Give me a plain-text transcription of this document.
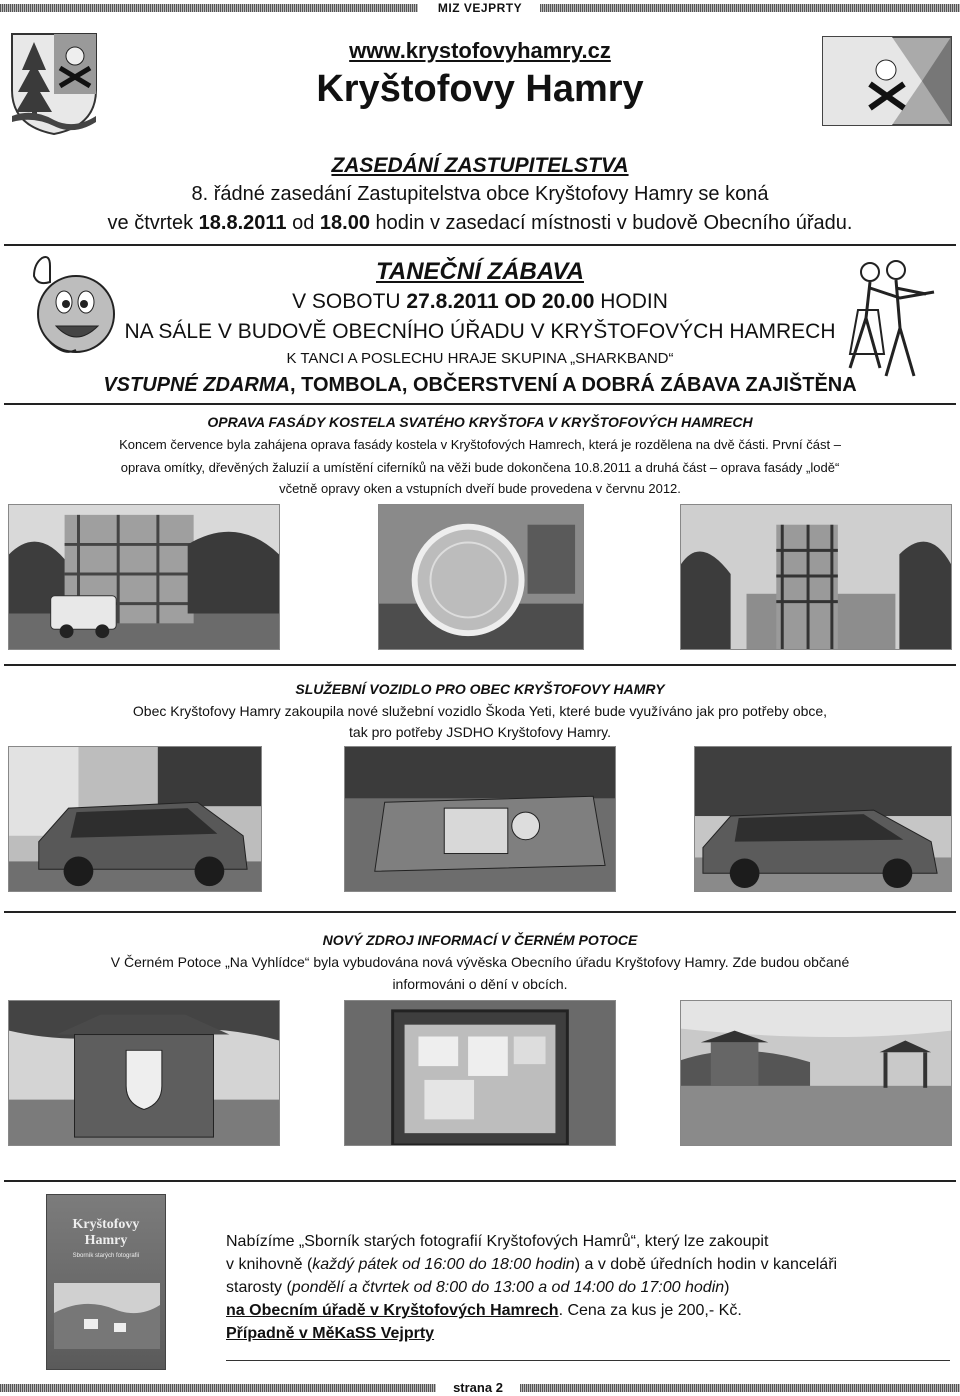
MIZ VEJPRTY
www.krystofovyhamry.cz
Kryštofovy Hamry
ZASEDÁNÍ ZASTUPITELSTVA
8. řádné zasedání Zastupitelstva obce Kryštofovy Hamry se koná
ve čtvrtek 18.8.2011 od 18.00 hodin v zasedací místnosti v budově Obecního úřadu.
TANEČNÍ ZÁBAVA
V SOBOTU 27.8.2011 OD 20.00 HODIN
NA SÁLE V BUDOVĚ OBECNÍHO ÚŘADU V KRYŠTOFOVÝCH HAMRECH
K TANCI A POSLECHU HRAJE SKUPINA „SHARKBAND“
VSTUPNÉ ZDARMA, TOMBOLA, OBČERSTVENÍ A DOBRÁ ZÁBAVA ZAJIŠTĚNA
OPRAVA FASÁDY KOSTELA SVATÉHO KRYŠTOFA V KRYŠTOFOVÝCH HAMRECH
Koncem července byla zahájena oprava fasády kostela v Kryštofových Hamrech, která je rozdělena na dvě části. První část –
oprava omítky, dřevěných žaluzií a umístění ciferníků na věži bude dokončena 10.8.2011 a druhá část – oprava fasády „lodě“
včetně opravy oken a vstupních dveří bude provedena v červnu 2012.
SLUŽEBNÍ VOZIDLO PRO OBEC KRYŠTOFOVY HAMRY
Obec Kryštofovy Hamry zakoupila nové služební vozidlo Škoda Yeti, které bude využíváno jak pro potřeby obce,
tak pro potřeby JSDHO Kryštofovy Hamry.
NOVÝ ZDROJ INFORMACÍ V ČERNÉM POTOCE
V Černém Potoce „Na Vyhlídce“ byla vybudována nová vývěska Obecního úřadu Kryštofovy Hamry. Zde budou občané
informováni o dění v obcích.
Kryštofovy
Hamry
Sborník starých fotografií
Nabízíme „Sborník starých fotografií Kryštofových Hamrů“, který lze zakoupit
v knihovně (každý pátek od 16:00 do 18:00 hodin) a v době úředních hodin v kanceláři
starosty (pondělí a čtvrtek od 8:00 do 13:00 a od 14:00 do 17:00 hodin)
na Obecním úřadě v Kryštofových Hamrech. Cena za kus je 200,- Kč.
Případně v MěKaSS Vejprty
strana 2
